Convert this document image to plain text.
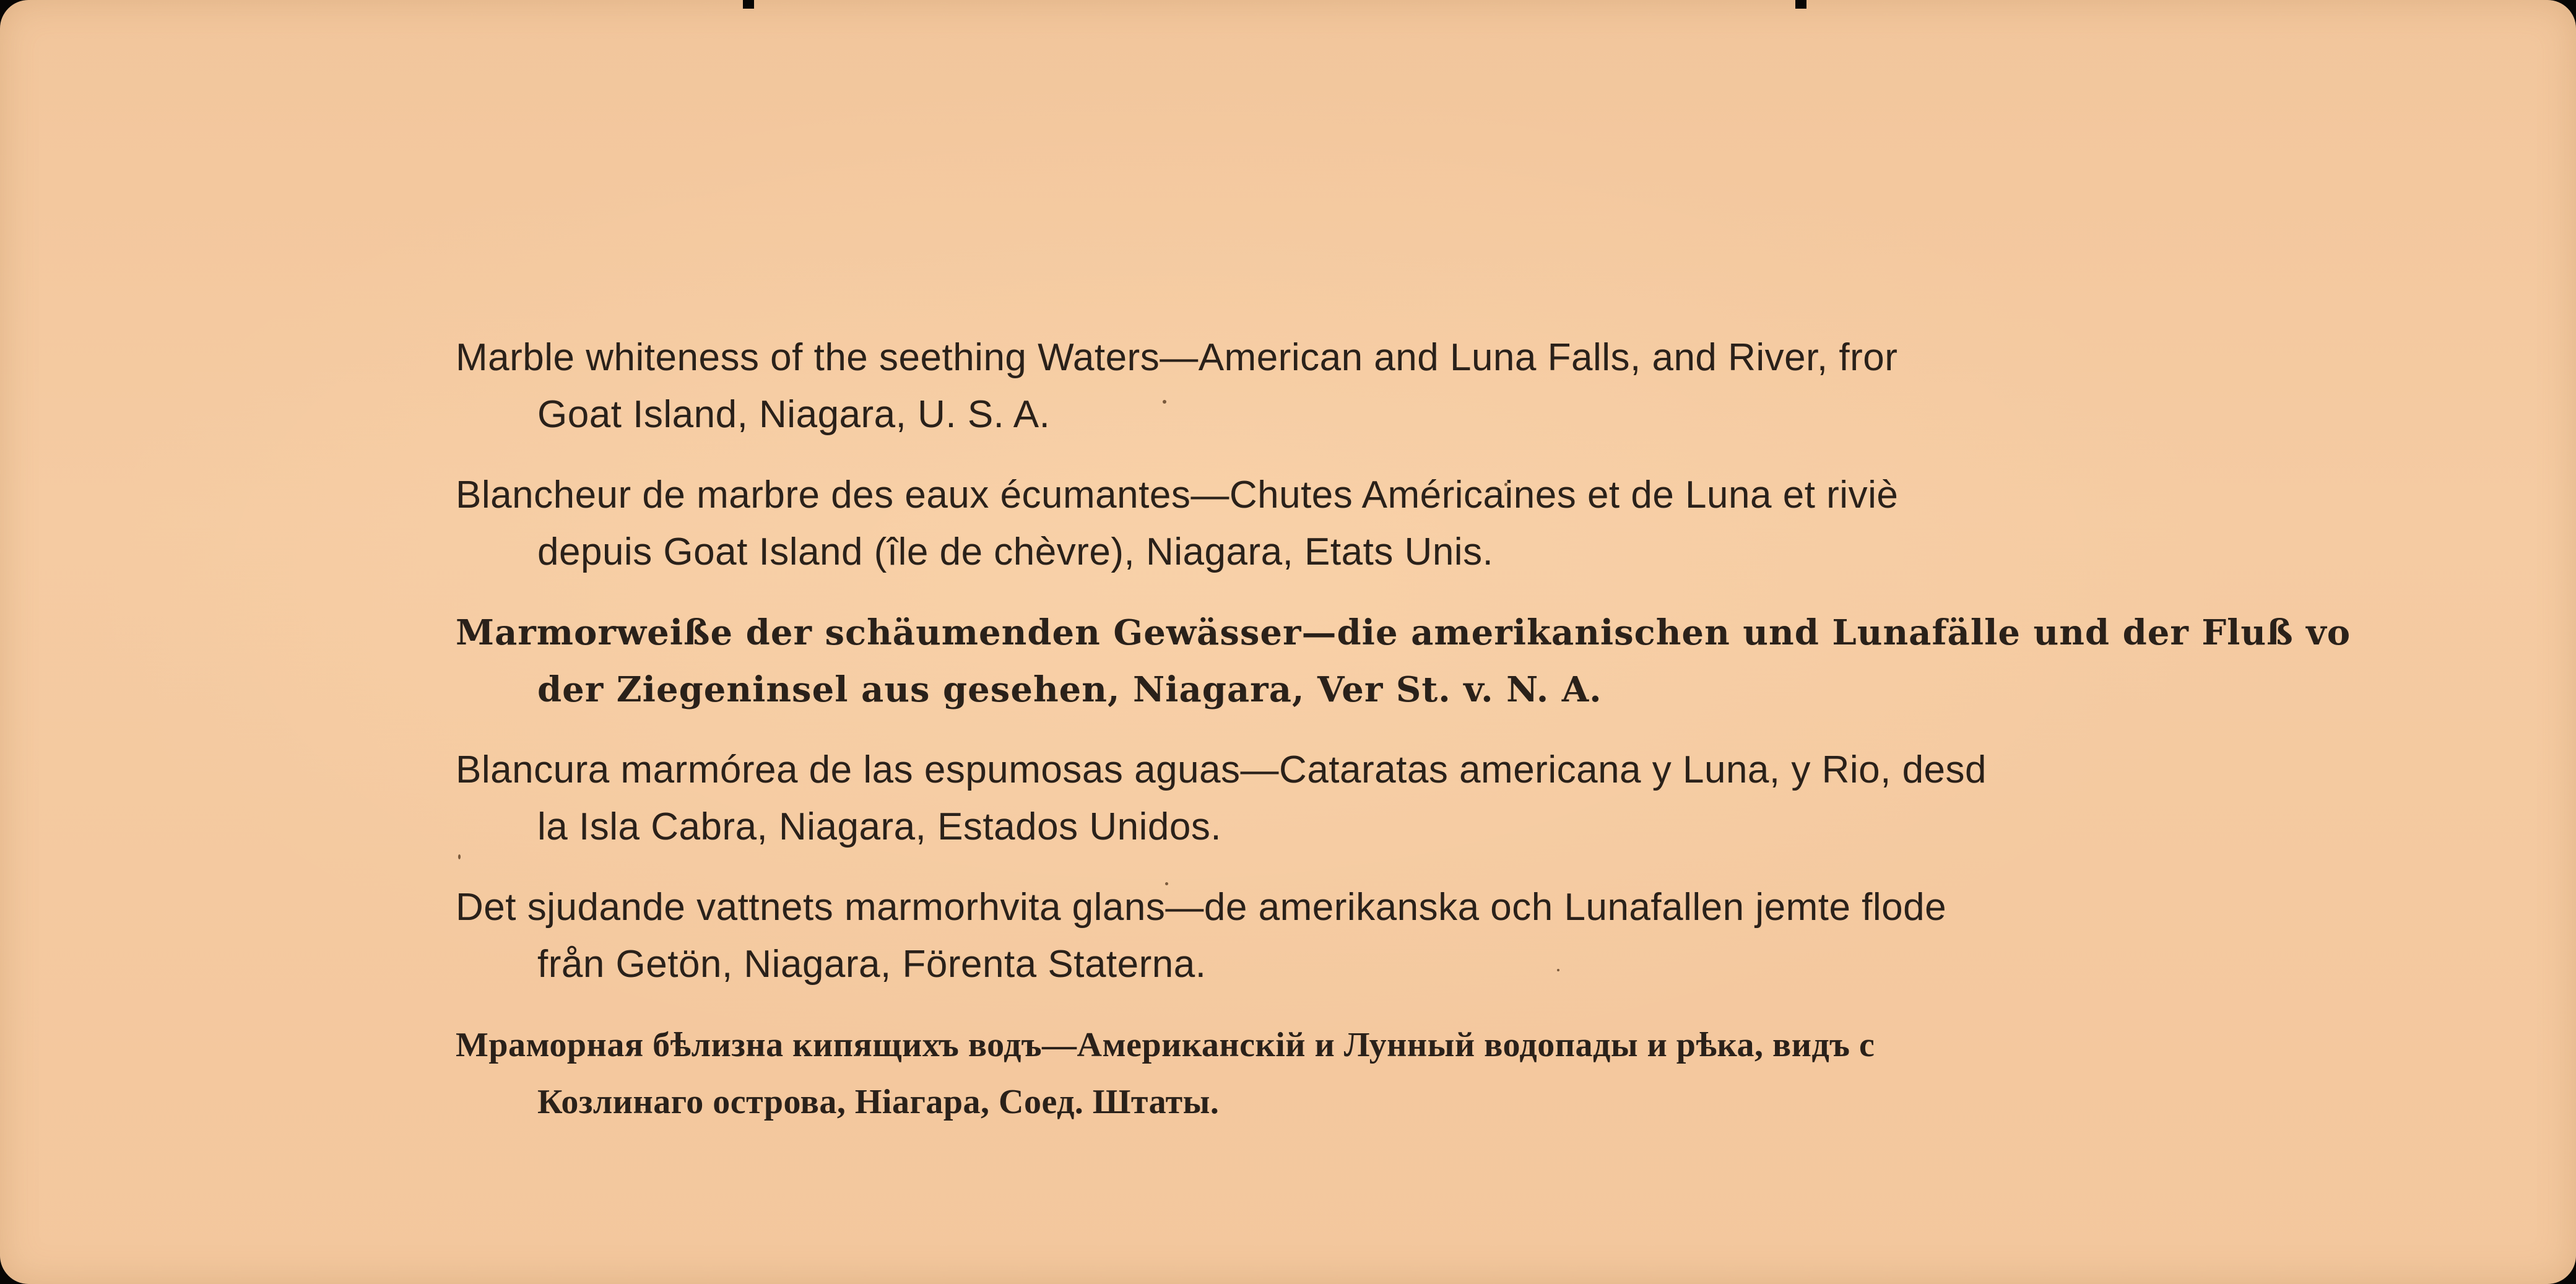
Marble whiteness of the seething Waters—American and Luna Falls, and River, fror
Goat Island, Niagara, U. S. A.

Blancheur de marbre des eaux écumantes—Chutes Américaines et de Luna et riviè
depuis Goat Island (île de chèvre), Niagara, Etats Unis.

Marmorweiße der schäumenden Gewässer—die amerikanischen und Lunafälle und der Fluß vo
der Ziegeninsel aus gesehen, Niagara, Ver St. v. N. A.

Blancura marmórea de las espumosas aguas—Cataratas americana y Luna, y Rio, desd
la Isla Cabra, Niagara, Estados Unidos.

Det sjudande vattnets marmorhvita glans—de amerikanska och Lunafallen jemte flode
från Getön, Niagara, Förenta Staterna.

Мраморная бѣлизна кипящихъ водъ—Американскій и Лунный водопады и рѣка, видъ с
Козлинаго острова, Ніагара, Соед. Штаты.
